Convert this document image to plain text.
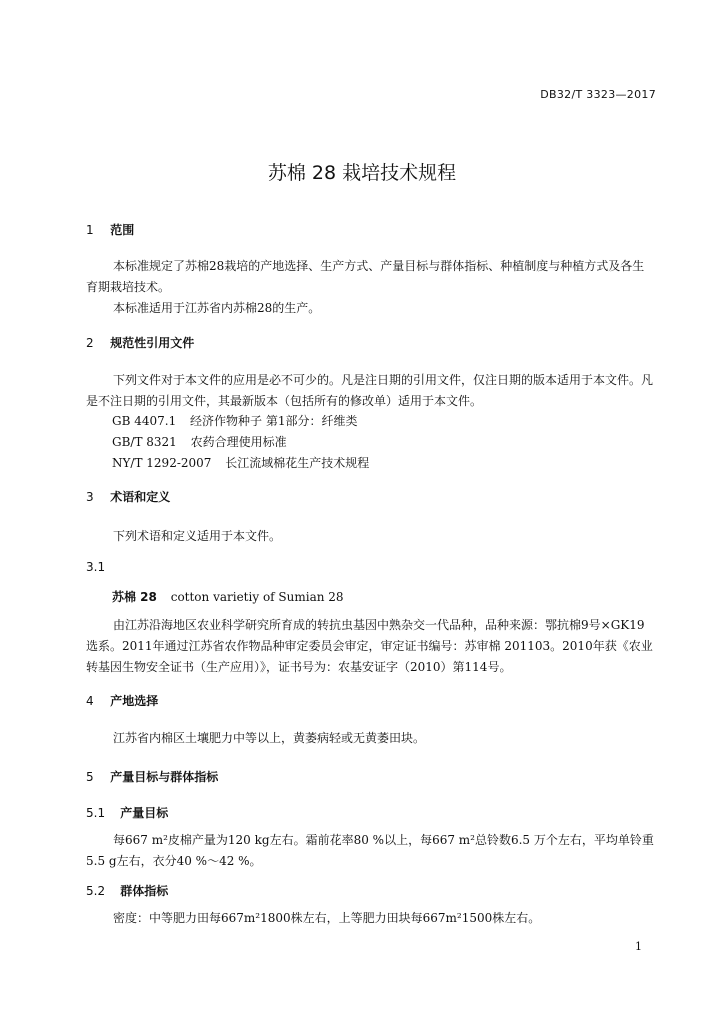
DB32/T 3323—2017
苏棉 28 栽培技术规程
1 范围

本标准规定了苏棉28栽培的产地选择、生产方式、产量目标与群体指标、种植制度与种植方式及各生育期栽培技术。

本标准适用于江苏省内苏棉28的生产。

2 规范性引用文件

下列文件对于本文件的应用是必不可少的。凡是注日期的引用文件，仅注日期的版本适用于本文件。凡是不注日期的引用文件，其最新版本（包括所有的修改单）适用于本文件。

GB 4407.1 经济作物种子 第1部分：纤维类
GB/T 8321 农药合理使用标准
NY/T 1292-2007 长江流域棉花生产技术规程
3 术语和定义

下列术语和定义适用于本文件。

3.1
苏棉 28 cotton varietiy of Sumian 28

由江苏沿海地区农业科学研究所育成的转抗虫基因中熟杂交一代品种，品种来源：鄂抗棉9号×GK19选系。2011年通过江苏省农作物品种审定委员会审定，审定证书编号：苏审棉 201103。2010年获《农业转基因生物安全证书（生产应用）》，证书号为：农基安证字（2010）第114号。

4 产地选择

江苏省内棉区土壤肥力中等以上，黄萎病轻或无黄萎田块。

5 产量目标与群体指标
5.1 产量目标

每667 m²皮棉产量为120 kg左右。霜前花率80 %以上，每667 m²总铃数6.5 万个左右，平均单铃重5.5 g左右，衣分40 %～42 %。

5.2 群体指标

密度：中等肥力田每667m²1800株左右，上等肥力田块每667m²1500株左右。

1
